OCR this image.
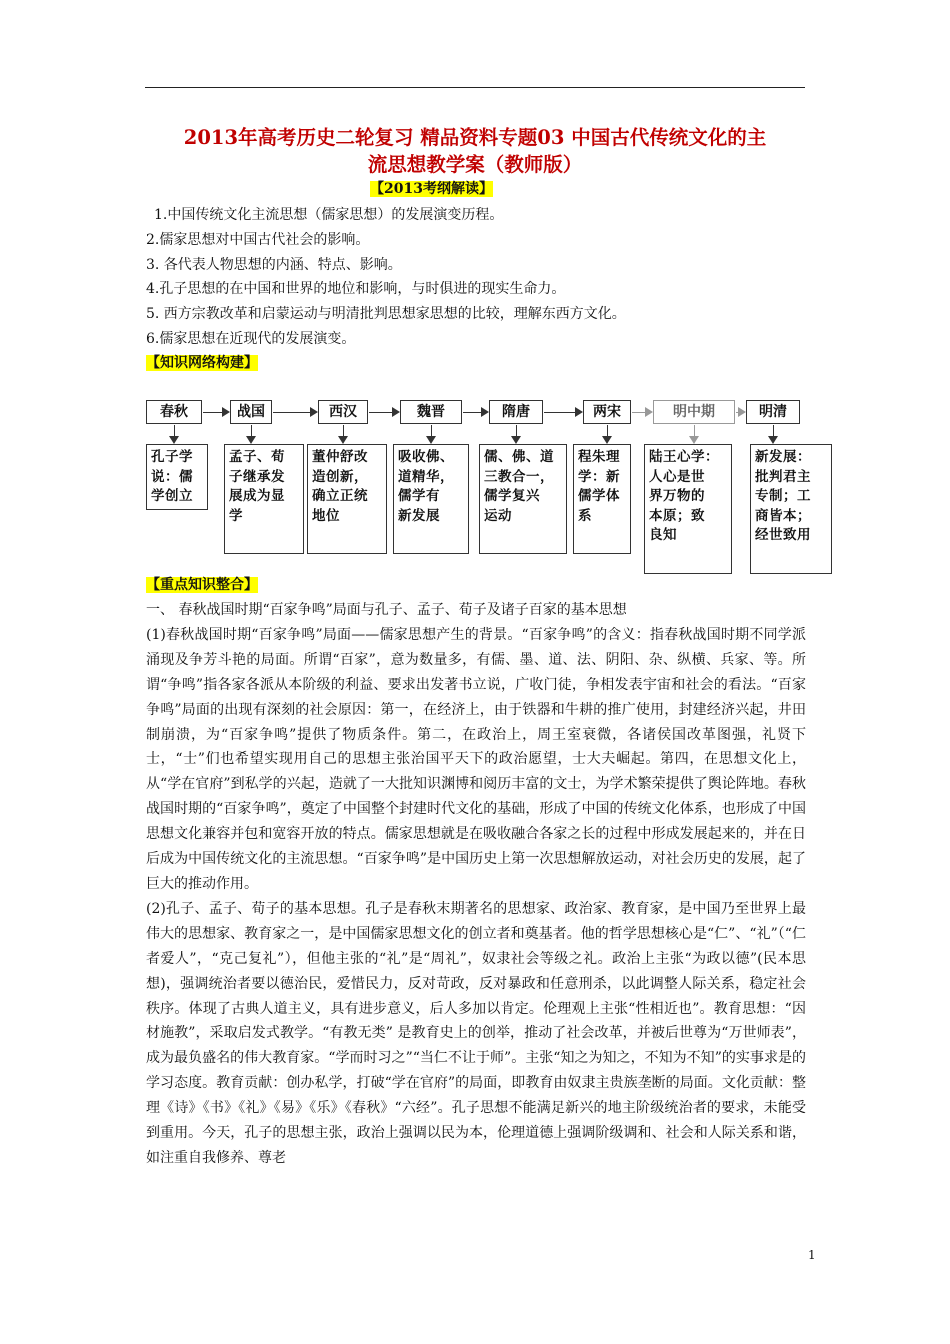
2013年高考历史二轮复习 精品资料专题03 中国古代传统文化的主
流思想教学案（教师版）
【2013考纲解读】
1.中国传统文化主流思想（儒家思想）的发展演变历程。
2.儒家思想对中国古代社会的影响。
3. 各代表人物思想的内涵、特点、影响。
4.孔子思想的在中国和世界的地位和影响，与时俱进的现实生命力。
5. 西方宗教改革和启蒙运动与明清批判思想家思想的比较，理解东西方文化。
6.儒家思想在近现代的发展演变。
【知识网络构建】
春秋
孔子学
说：儒
学创立
战国
孟子、荀
子继承发
展成为显
学
西汉
董仲舒改
造创新，
确立正统
地位
魏晋
吸收佛、
道精华，
儒学有
新发展
隋唐
儒、佛、道
三教合一，
儒学复兴
运动
两宋
程朱理
学：新
儒学体
系
明中期
陆王心学：
人心是世
界万物的
本原；致
良知
明清
新发展：
批判君主
专制；工
商皆本；
经世致用
【重点知识整合】

一、 春秋战国时期“百家争鸣”局面与孔子、孟子、荀子及诸子百家的基本思想

(1)春秋战国时期“百家争鸣”局面——儒家思想产生的背景。“百家争鸣”的含义：指春秋战国时期不同学派涌现及争芳斗艳的局面。所谓“百家”，意为数量多，有儒、墨、道、法、阴阳、杂、纵横、兵家、等。所谓“争鸣”指各家各派从本阶级的利益、要求出发著书立说，广收门徒，争相发表宇宙和社会的看法。“百家争鸣”局面的出现有深刻的社会原因：第一，在经济上，由于铁器和牛耕的推广使用，封建经济兴起，井田制崩溃，为“百家争鸣”提供了物质条件。第二，在政治上，周王室衰微，各诸侯国改革图强，礼贤下士，“士”们也希望实现用自己的思想主张治国平天下的政治愿望，士大夫崛起。第四，在思想文化上，从“学在官府”到私学的兴起，造就了一大批知识渊博和阅历丰富的文士，为学术繁荣提供了舆论阵地。春秋战国时期的“百家争鸣”，奠定了中国整个封建时代文化的基础，形成了中国的传统文化体系，也形成了中国思想文化兼容并包和宽容开放的特点。儒家思想就是在吸收融合各家之长的过程中形成发展起来的，并在日后成为中国传统文化的主流思想。“百家争鸣”是中国历史上第一次思想解放运动，对社会历史的发展，起了巨大的推动作用。

(2)孔子、孟子、荀子的基本思想。孔子是春秋末期著名的思想家、政治家、教育家，是中国乃至世界上最伟大的思想家、教育家之一，是中国儒家思想文化的创立者和奠基者。他的哲学思想核心是“仁”、“礼”（“仁者爱人”，“克己复礼”），但他主张的“礼”是“周礼”，奴隶社会等级之礼。政治上主张“为政以德”(民本思想)，强调统治者要以德治民，爱惜民力，反对苛政，反对暴政和任意刑杀，以此调整人际关系，稳定社会秩序。体现了古典人道主义，具有进步意义，后人多加以肯定。伦理观上主张“性相近也”。教育思想：“因材施教”，采取启发式教学。“有教无类” 是教育史上的创举，推动了社会改革，并被后世尊为“万世师表”，成为最负盛名的伟大教育家。“学而时习之”“当仁不让于师”。主张“知之为知之，不知为不知”的实事求是的学习态度。教育贡献：创办私学，打破“学在官府”的局面，即教育由奴隶主贵族垄断的局面。文化贡献：整理《诗》《书》《礼》《易》《乐》《春秋》“六经”。孔子思想不能满足新兴的地主阶级统治者的要求，未能受到重用。今天，孔子的思想主张，政治上强调以民为本，伦理道德上强调阶级调和、社会和人际关系和谐，如注重自我修养、尊老

1
